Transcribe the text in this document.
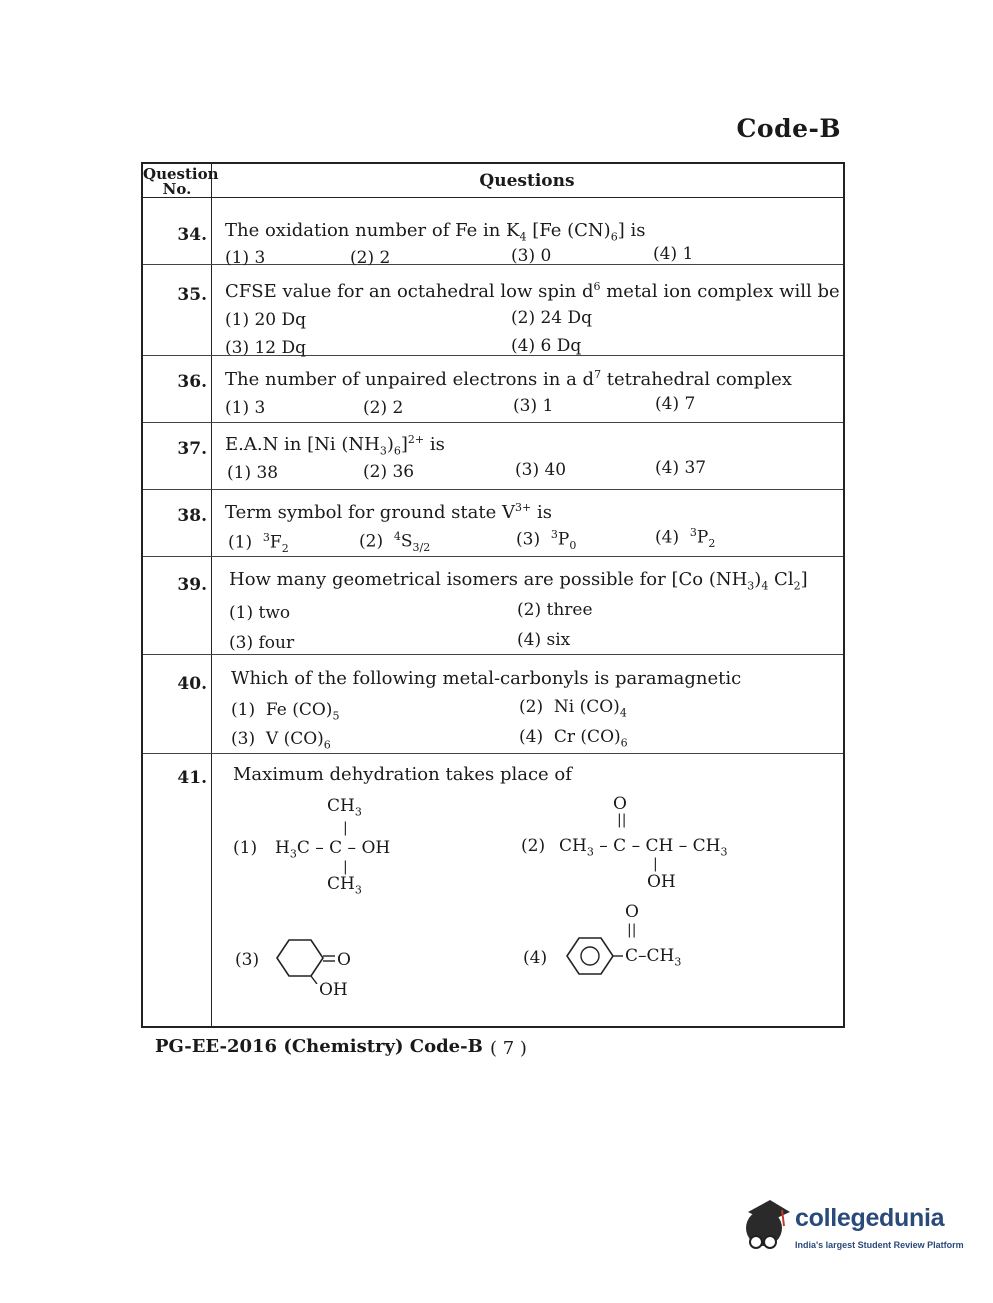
Code-B
Question No.	Questions
34. The oxidation number of Fe in $K_4$ [Fe $(CN)_6$] is
(1) 3	(2) 2	(3) 0	(4) 1
35. CFSE value for an octahedral low spin $d^6$ metal ion complex will be
(1) 20 Dq	(2) 24 Dq
(3) 12 Dq	(4) 6 Dq
36. The number of unpaired electrons in a $d^7$ tetrahedral complex
(1) 3	(2) 2	(3) 1	(4) 7
37. E.A.N in [Ni $(NH_3)_6]^{2+}$ is
(1) 38	(2) 36	(3) 40	(4) 37
38. Term symbol for ground state $V^{3+}$ is
(1)  $^3F_2$	(2)  $^4S_{3/2}$	(3)  $^3P_0$	(4)  $^3P_2$
39. How many geometrical isomers are possible for [Co $(NH_3)_4$ $Cl_2$]
(1) two	(2) three
(3) four	(4) six
40. Which of the following metal-carbonyls is paramagnetic
(1)  Fe $(CO)_5$	(2)  Ni $(CO)_4$
(3)  V $(CO)_6$	(4)  Cr $(CO)_6$
41. Maximum dehydration takes place of
(1)
$CH_3$
|
$H_3C$ – C – OH
|
$CH_3$
(2)
O
||
$CH_3$ – C – CH – $CH_3$
|
OH
(3)	O
OH
(4)
O
||
$C-CH_3$
PG-EE-2016 (Chemistry) Code-B ( 7 )
collegedunia
India's largest Student Review Platform
